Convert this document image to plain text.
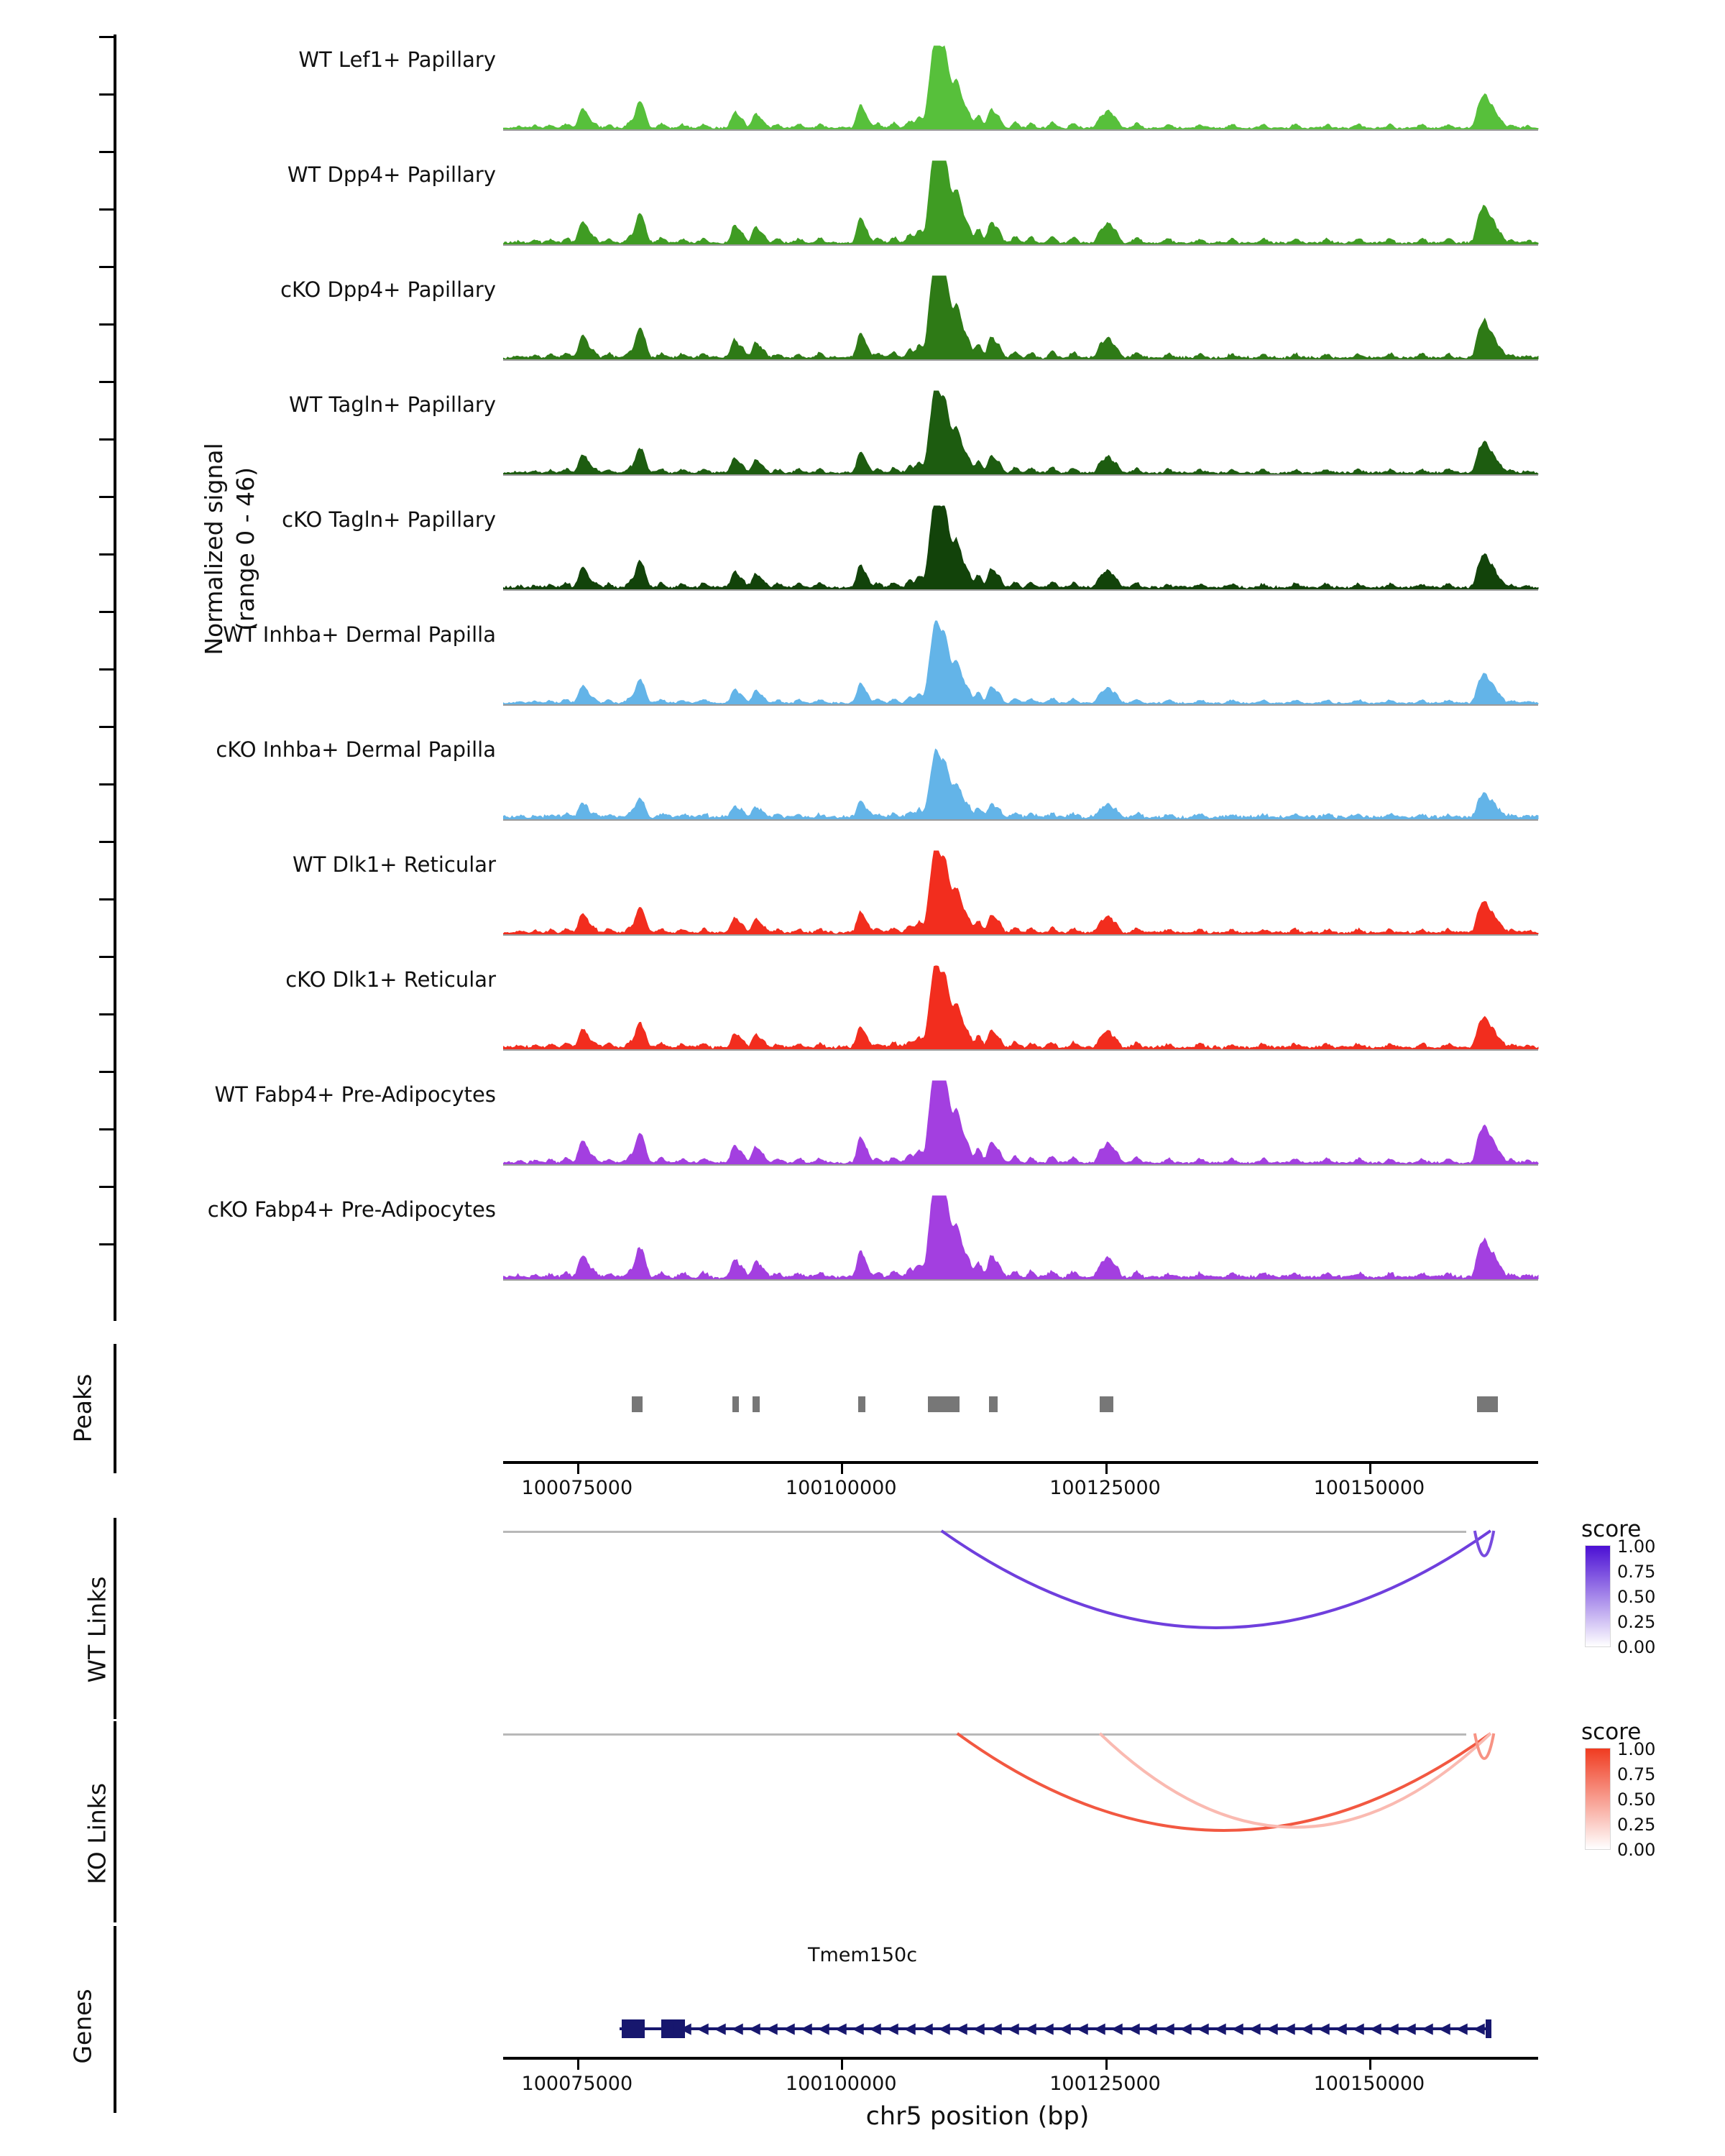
Normalized signal (range 0 - 46)
WT Lef1+ Papillary
WT Dpp4+ Papillary
cKO Dpp4+ Papillary
WT Tagln+ Papillary
cKO Tagln+ Papillary
WT Inhba+ Dermal Papilla
cKO Inhba+ Dermal Papilla
WT Dlk1+ Reticular
cKO Dlk1+ Reticular
WT Fabp4+ Pre-Adipocytes
cKO Fabp4+ Pre-Adipocytes
Peaks
100075000	100100000	100125000	100150000
WT Links
KO Links
Genes
Tmem150c
◀ ◀ ◀ ◀ ◀ ◀ ◀ ◀ ◀ ◀ ◀ ◀ ◀ ◀ ◀ ◀ ◀ ◀ ◀ ◀ ◀ ◀ ◀ ◀ ◀ ◀ ◀ ◀ ◀ ◀ ◀ ◀ ◀ ◀ ◀ ◀ ◀ ◀ ◀ ◀ ◀ ◀ ◀ ◀ ◀ ◀ ◀ ◀
100075000	100100000	100125000	100150000
chr5 position (bp)
score
1.00
0.75
0.50
0.25
0.00
score
1.00
0.75
0.50
0.25
0.00
